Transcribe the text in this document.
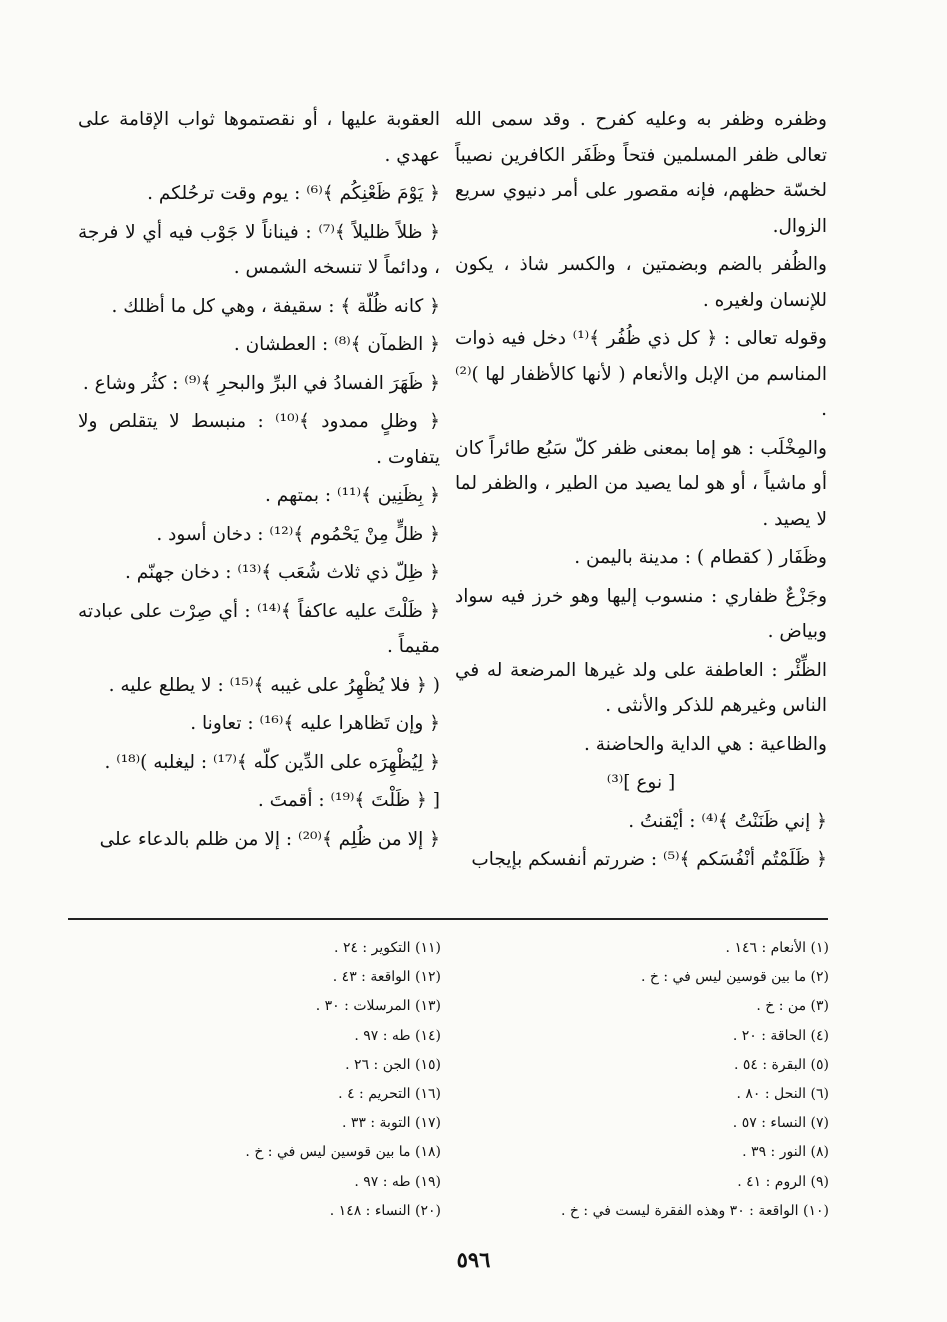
وظفره وظفر به وعليه كفرح . وقد سمى الله تعالى ظفر المسلمين فتحاً وظَفَر الكافرين نصيباً لخسّة حظهم، فإنه مقصور على أمر دنيوي سريع الزوال.

والظُفر بالضم وبضمتين ، والكسر شاذ ، يكون للإنسان ولغيره .

وقوله تعالى : ﴿ كل ذي ظُفُر ﴾⁽¹⁾ دخل فيه ذوات المناسم من الإبل والأنعام ( لأنها كالأظفار لها )⁽²⁾ .

والمِخْلَب : هو إما بمعنى ظفر كلّ سَبُع طائراً كان أو ماشياً ، أو هو لما يصيد من الطير ، والظفر لما لا يصيد .

وظَفَار ( كقطام ) : مدينة باليمن .

وجَزْعٌ ظفاري : منسوب إليها وهو خرز فيه سواد وبياض .

الظِّئْر : العاطفة على ولد غيرها المرضعة له في الناس وغيرهم للذكر والأنثى .

والظاعية : هي الداية والحاضنة .

[ نوع ]⁽³⁾

﴿ إني ظَنَنْتُ ﴾⁽⁴⁾ : أيْقنتُ .

﴿ ظَلَمْتُم أنْفُسَكم ﴾⁽⁵⁾ : ضررتم أنفسكم بإيجاب

العقوبة عليها ، أو نقصتموها ثواب الإقامة على عهدي .

﴿ يَوْمَ ظَعْنِكُم ﴾⁽⁶⁾ : يوم وقت ترحُلكم .

﴿ ظلاً ظليلاً ﴾⁽⁷⁾ : فيناناً لا جَوْب فيه أي لا فرجة ، ودائماً لا تنسخه الشمس .

﴿ كانه ظُلّة ﴾ : سقيفة ، وهي كل ما أظلك .

﴿ الظمآن ﴾⁽⁸⁾ : العطشان .

﴿ ظَهَرَ الفسادُ في البرِّ والبحرِ ﴾⁽⁹⁾ : كثُر وشاع .

﴿ وظلٍ ممدود ﴾⁽¹⁰⁾ : منبسط لا يتقلص ولا يتفاوت .

﴿ بِظَنِين ﴾⁽¹¹⁾ : بمتهم .

﴿ ظلٍّ مِنْ يَحْمُوم ﴾⁽¹²⁾ : دخان أسود .

﴿ ظِلّ ذي ثلاث شُعَب ﴾⁽¹³⁾ : دخان جهنّم .

﴿ ظَلْتَ عليه عاكفاً ﴾⁽¹⁴⁾ : أي صِرْت على عبادته مقيماً .

( ﴿ فلا يُظْهِرُ على غيبه ﴾⁽¹⁵⁾ : لا يطلع عليه .

﴿ وإن تَظاهرا عليه ﴾⁽¹⁶⁾ : تعاونا .

﴿ لِيُظْهِرَه على الدِّين كلّه ﴾⁽¹⁷⁾ : ليغلبه )⁽¹⁸⁾ .

[ ﴿ ظَلْتَ ﴾⁽¹⁹⁾ : أقمتَ .

﴿ إلا من ظُلِم ﴾⁽²⁰⁾ : إلا من ظلم بالدعاء على

(١) الأنعام : ١٤٦ .
(٢) ما بين قوسين ليس في : خ .
(٣) من : خ .
(٤) الحاقة : ٢٠ .
(٥) البقرة : ٥٤ .
(٦) النحل : ٨٠ .
(٧) النساء : ٥٧ .
(٨) النور : ٣٩ .
(٩) الروم : ٤١ .
(١٠) الواقعة : ٣٠ وهذه الفقرة ليست في : خ .
(١١) التكوير : ٢٤ .
(١٢) الواقعة : ٤٣ .
(١٣) المرسلات : ٣٠ .
(١٤) طه : ٩٧ .
(١٥) الجن : ٢٦ .
(١٦) التحريم : ٤ .
(١٧) التوبة : ٣٣ .
(١٨) ما بين قوسين ليس في : خ .
(١٩) طه : ٩٧ .
(٢٠) النساء : ١٤٨ .
٥٩٦
